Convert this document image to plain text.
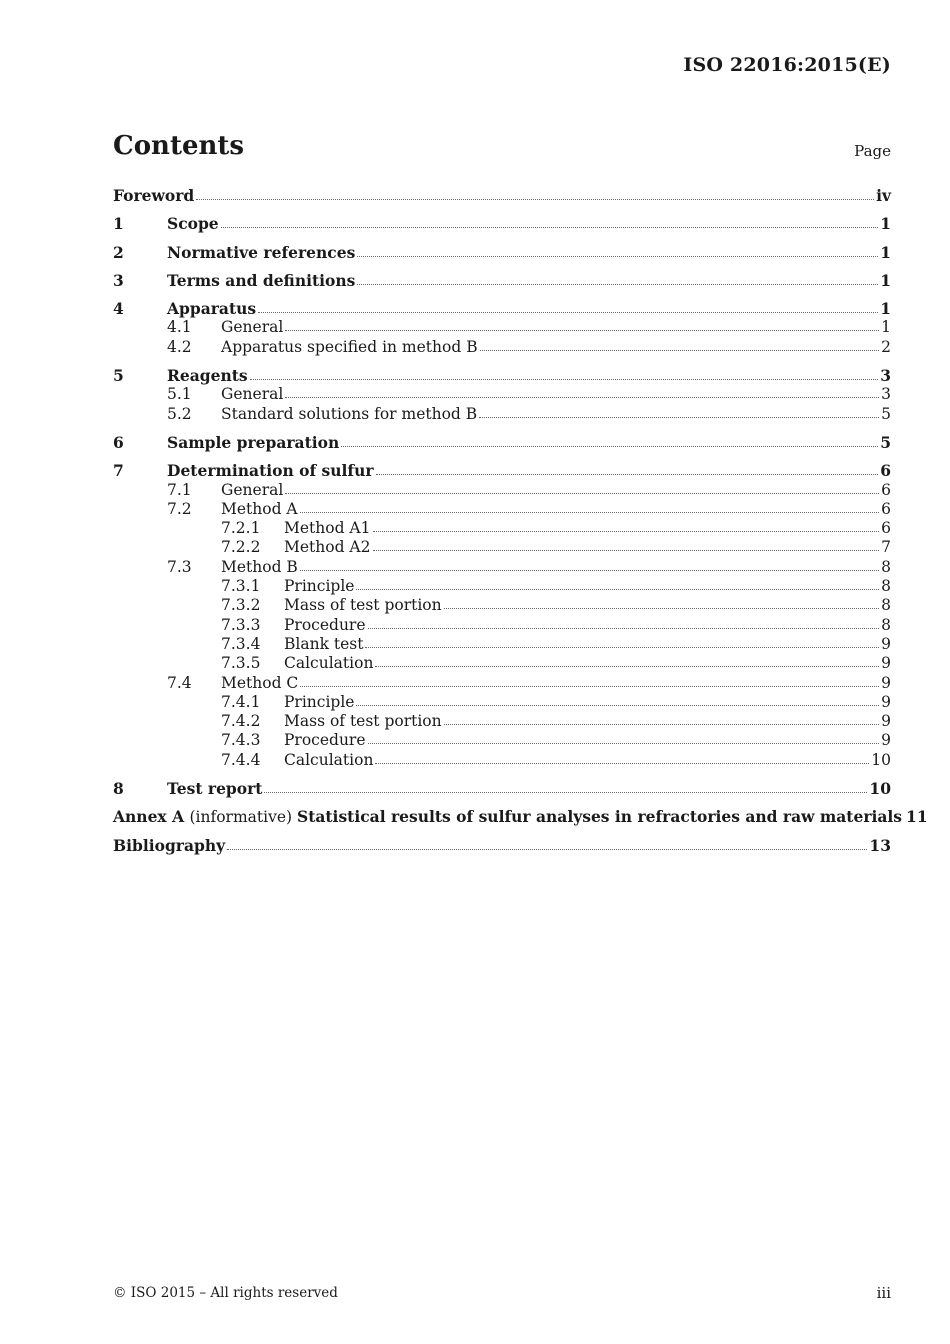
ISO 22016:2015(E)
Contents	Page
Foreword	iv
1	Scope	1
2	Normative references	1
3	Terms and definitions	1
4	Apparatus	1
4.1	General	1
4.2	Apparatus specified in method B	2
5	Reagents	3
5.1	General	3
5.2	Standard solutions for method B	5
6	Sample preparation	5
7	Determination of sulfur	6
7.1	General	6
7.2	Method A	6
7.2.1	Method A1	6
7.2.2	Method A2	7
7.3	Method B	8
7.3.1	Principle	8
7.3.2	Mass of test portion	8
7.3.3	Procedure	8
7.3.4	Blank test	9
7.3.5	Calculation	9
7.4	Method C	9
7.4.1	Principle	9
7.4.2	Mass of test portion	9
7.4.3	Procedure	9
7.4.4	Calculation	10
8	Test report	10
Annex A (informative) Statistical results of sulfur analyses in refractories and raw materials 11
Bibliography	13
© ISO 2015 – All rights reserved	iii
